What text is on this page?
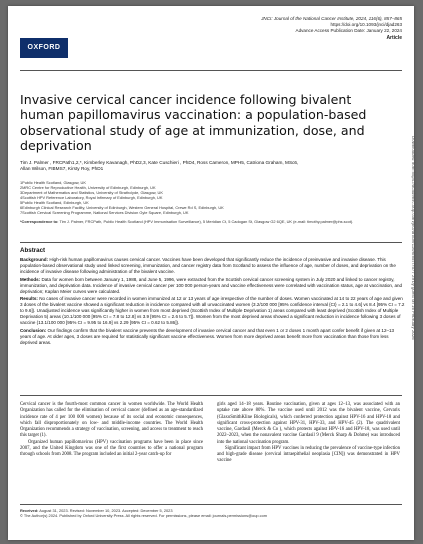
OXFORD
JNCI: Journal of the National Cancer Institute, 2024, 116(6), 857–865
https://doi.org/10.1093/jnci/djad263
Advance Access Publication Date: January 22, 2024
Article
Invasive cervical cancer incidence following bivalent human papillomavirus vaccination: a population-based observational study of age at immunization, dose, and deprivation
Tim J. Palmer , FRCPath1,2,*, Kimberley Kavanagh, PhD2,3, Kate Cuschieri , PhD4, Ross Cameron, MPH5, Catriona Graham, MSc6,
Allan Wilson, FIBMS7, Kirsty Roy, PhD1
1Public Health Scotland, Glasgow, UK
2MRC Centre for Reproductive Health, University of Edinburgh, Edinburgh, UK
3Department of Mathematics and Statistics, University of Strathclyde, Glasgow, UK
4Scottish HPV Reference Laboratory, Royal Infirmary of Edinburgh, Edinburgh, UK
5Public Health Scotland, Edinburgh, UK
6Edinburgh Clinical Research Facility, University of Edinburgh, Western General Hospital, Crewe Rd S, Edinburgh, UK
7Scottish Cervical Screening Programme, National Services Division Gyle Square, Edinburgh, UK
*Correspondence to: Tim J. Palmer, FRCPath, Public Health Scotland (HPV Immunisation Surveillance), 5 Meridian Ct, 5 Cadogan St, Glasgow G2 6QE, UK (e-mail: timothy.palmer@phs.scot).
Abstract

Background: High-risk human papillomavirus causes cervical cancer. Vaccines have been developed that significantly reduce the incidence of preinvasive and invasive disease. This population-based observational study used linked screening, immunization, and cancer registry data from Scotland to assess the influence of age, number of doses, and deprivation on the incidence of invasive disease following administration of the bivalent vaccine.

Methods: Data for women born between January 1, 1988, and June 5, 1996, were extracted from the Scottish cervical cancer screening system in July 2020 and linked to cancer registry, immunization, and deprivation data. Incidence of invasive cervical cancer per 100 000 person-years and vaccine effectiveness were correlated with vaccination status, age at vaccination, and deprivation; Kaplan Meier curves were calculated.

Results: No cases of invasive cancer were recorded in women immunized at 12 or 13 years of age irrespective of the number of doses. Women vaccinated at 14 to 22 years of age and given 3 doses of the bivalent vaccine showed a significant reduction in incidence compared with all unvaccinated women (3.2/100 000 [95% confidence interval {CI} = 2.1 to 4.6] vs 8.4 [95% CI = 7.2 to 9.6]). Unadjusted incidence was significantly higher in women from most deprived (Scottish Index of Multiple Deprivation 1) areas compared with least deprived (Scottish Index of Multiple Deprivation 5) areas (10.1/100 000 [95% CI = 7.8 to 12.8] vs 3.9 [95% CI = 2.6 to 5.7]). Women from the most deprived areas showed a significant reduction in incidence following 3 doses of vaccine (13.1/100 000 [95% CI = 9.95 to 16.9] vs 2.29 [95% CI = 0.62 to 5.86]).

Conclusion: Our findings confirm that the bivalent vaccine prevents the development of invasive cervical cancer and that even 1 or 2 doses 1 month apart confer benefit if given at 12–13 years of age. At older ages, 3 doses are required for statistically significant vaccine effectiveness. Women from more deprived areas benefit more from vaccination than those from less deprived areas.

Cervical cancer is the fourth-most common cancer in women worldwide. The World Health Organization has called for the elimination of cervical cancer (defined as an age-standardized incidence rate of 4 per 100 000 women) because of its social and economic consequences, which fall disproportionately on low- and middle-income countries. The World Health Organization recommends a strategy of vaccination, screening, and access to treatment to reach this target (1).

Organized human papillomavirus (HPV) vaccination programs have been in place since 2007, and the United Kingdom was one of the first countries to offer a national program through schools from 2008. The program included an initial 2-year catch-up for

girls aged 14–18 years. Routine vaccination, given at ages 12–13, was associated with an uptake rate above 80%. The vaccine used until 2012 was the bivalent vaccine, Cervarix (GlaxoSmithKline Biologicals), which conferred protection against HPV-16 and HPV-18 and significant cross-protection against HPV-31, HPV-33, and HPV-45 (2). The quadrivalent vaccine, Gardasil (Merck & Co ), which protects against HPV-16 and HPV-18, was used until 2022–2023, when the nonavalent vaccine Gardasil 9 (Merck Sharp & Dohme) was introduced into the national vaccination program.

Significant impact from HPV vaccines in reducing the prevalence of vaccine-type infection and high-grade disease (cervical intraepithelial neoplasia [CIN]) was demonstrated in HPV vaccine

Received: August 31, 2023. Revised: November 10, 2023. Accepted: December 5, 2023
© The Author(s) 2024. Published by Oxford University Press. All rights reserved. For permissions, please email: journals.permissions@oup.com
Downloaded from https://academic.oup.com/jnci/article/116/6/857/7577 29 by guest on 16 February 2026
